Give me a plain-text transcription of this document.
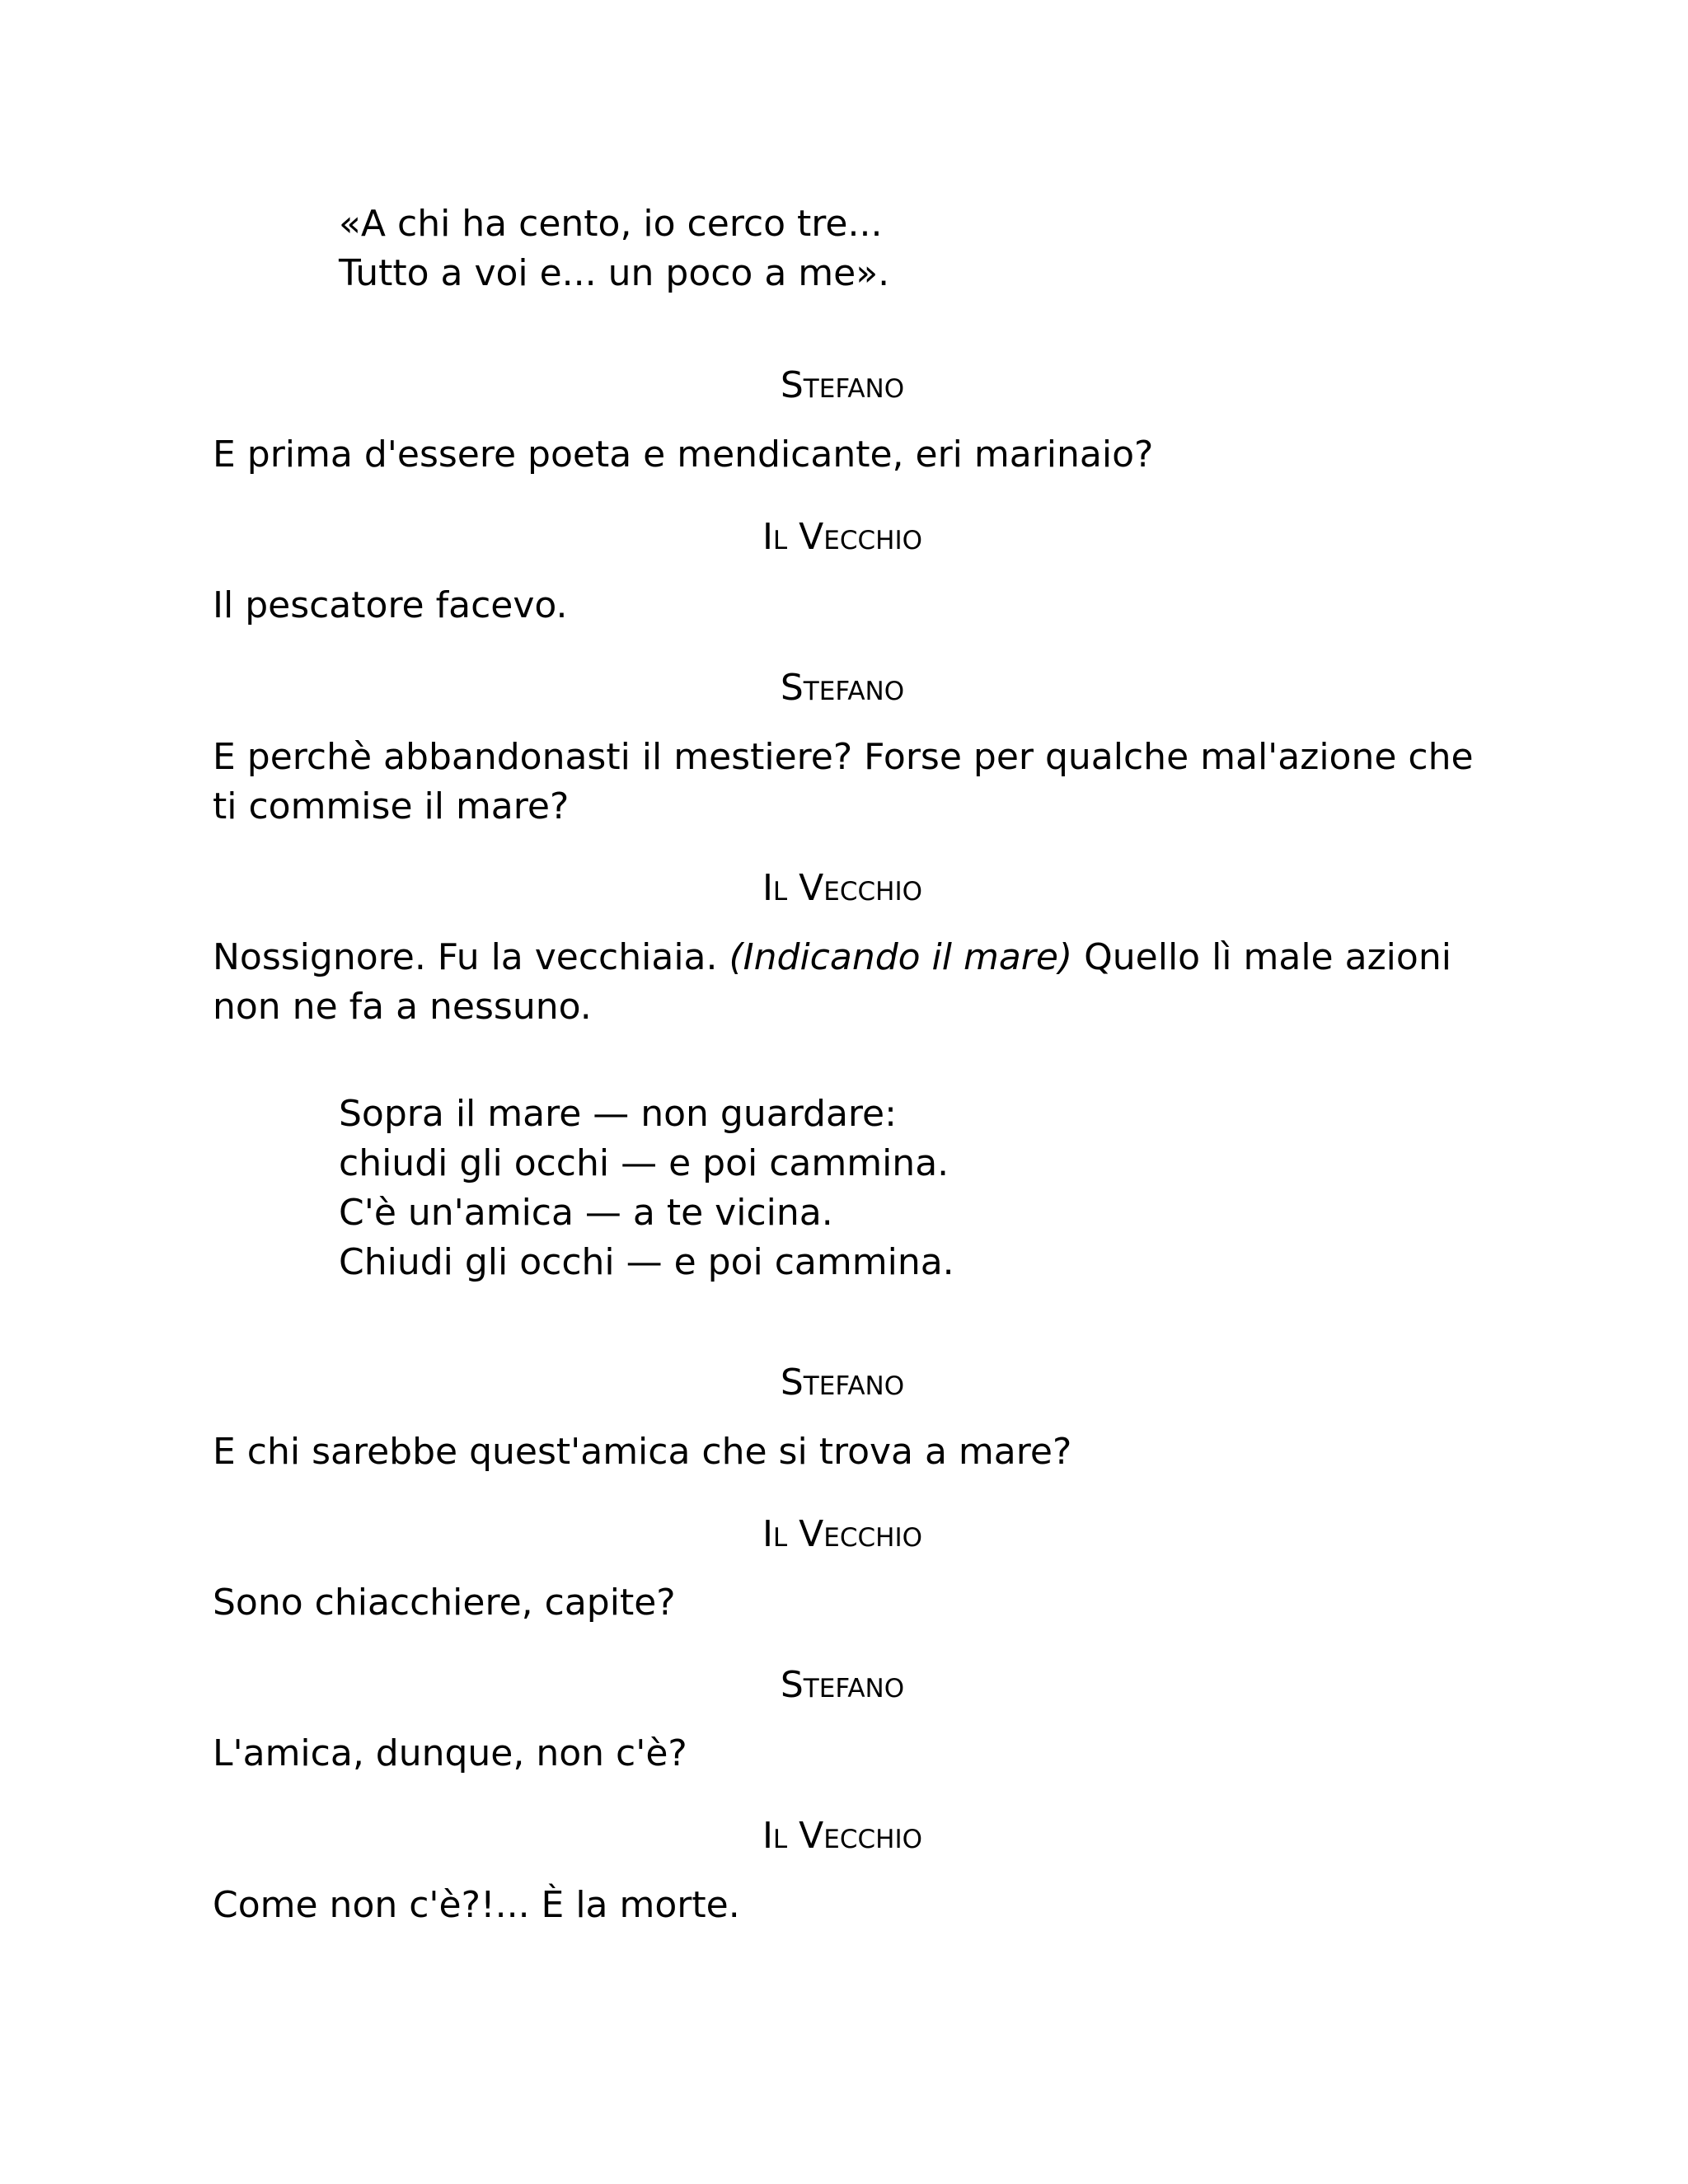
«A chi ha cento, io cerco tre...

Tutto a voi e... un poco a me».

Stefano

E prima d'essere poeta e mendicante, eri marinaio?

Il Vecchio

Il pescatore facevo.

Stefano

E perchè abbandonasti il mestiere? Forse per qualche mal'azione che

ti commise il mare?

Il Vecchio

Nossignore. Fu la vecchiaia. (Indicando il mare) Quello lì male azioni

non ne fa a nessuno.

Sopra il mare — non guardare:

chiudi gli occhi — e poi cammina.

C'è un'amica — a te vicina.

Chiudi gli occhi — e poi cammina.

Stefano

E chi sarebbe quest'amica che si trova a mare?

Il Vecchio

Sono chiacchiere, capite?

Stefano

L'amica, dunque, non c'è?

Il Vecchio

Come non c'è?!... È la morte.
